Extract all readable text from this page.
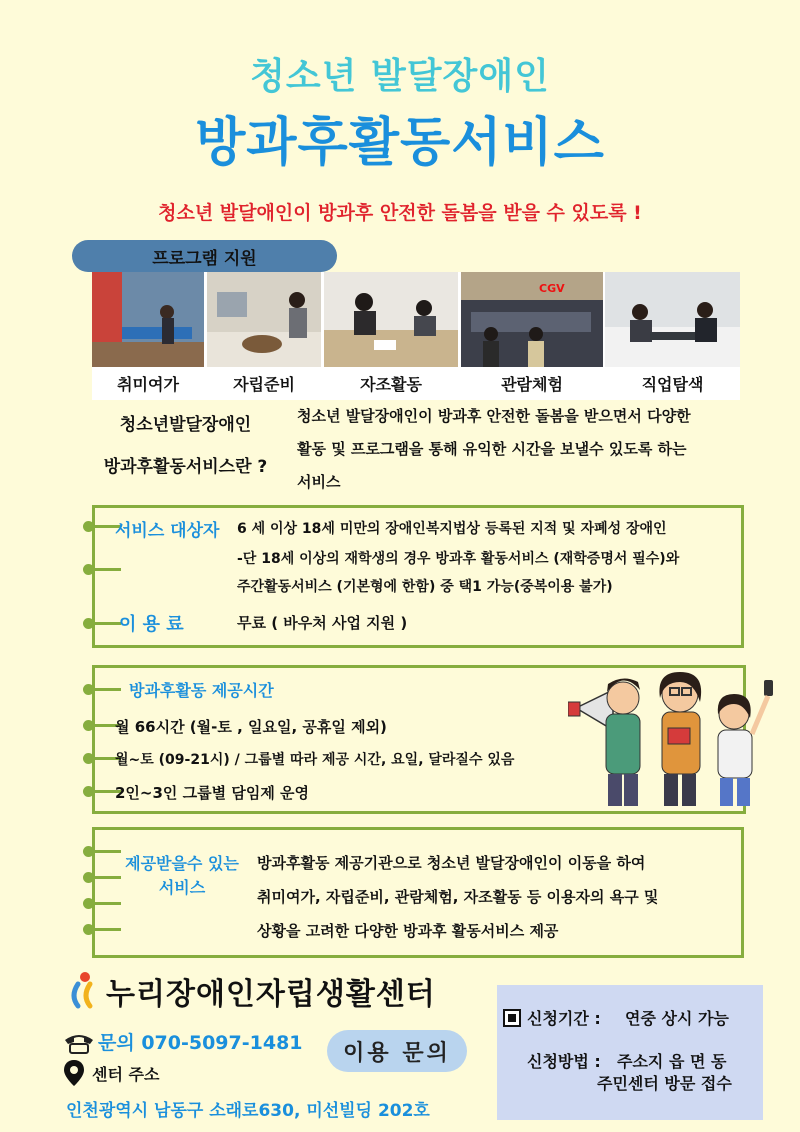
청소년 발달장애인
방과후활동서비스
청소년 발달애인이 방과후 안전한 돌봄을 받을 수 있도록 !
프로그램 지원
취미여가	자립준비	자조활동
CGV
관람체험	직업탐색
청소년발달장애인
방과후활동서비스란 ?
청소년 발달장애인이 방과후 안전한 돌봄을 받으면서 다양한
활동 및 프로그램을 통해 유익한 시간을 보낼수 있도록 하는
서비스
서비스 대상자 6 세 이상 18세 미만의 장애인복지법상 등록된 지적 및 자폐성 장애인
-단 18세 이상의 재학생의 경우 방과후 활동서비스 (재학증명서 필수)와
주간활동서비스 (기본형에 한함) 중 택1 가능(중복이용 불가)
이 용 료	무료 ( 바우처 사업 지원 )
방과후활동 제공시간
월 66시간 (월-토 , 일요일, 공휴일 제외)
월~토 (09-21시) / 그룹별 따라 제공 시간, 요일, 달라질수 있음
2인~3인 그룹별 담임제 운영
제공받을수 있는
서비스
방과후활동 제공기관으로 청소년 발달장애인이 이동을 하여
취미여가, 자립준비, 관람체험, 자조활동 등 이용자의 욕구 및
상황을 고려한 다양한 방과후 활동서비스 제공
누리장애인자립생활센터
문의 070-5097-1481
센터 주소
인천광역시 남동구 소래로630, 미선빌딩 202호
이용 문의
신청기간 : 연중 상시 가능
신청방법 : 주소지 읍 면 동
주민센터 방문 접수
